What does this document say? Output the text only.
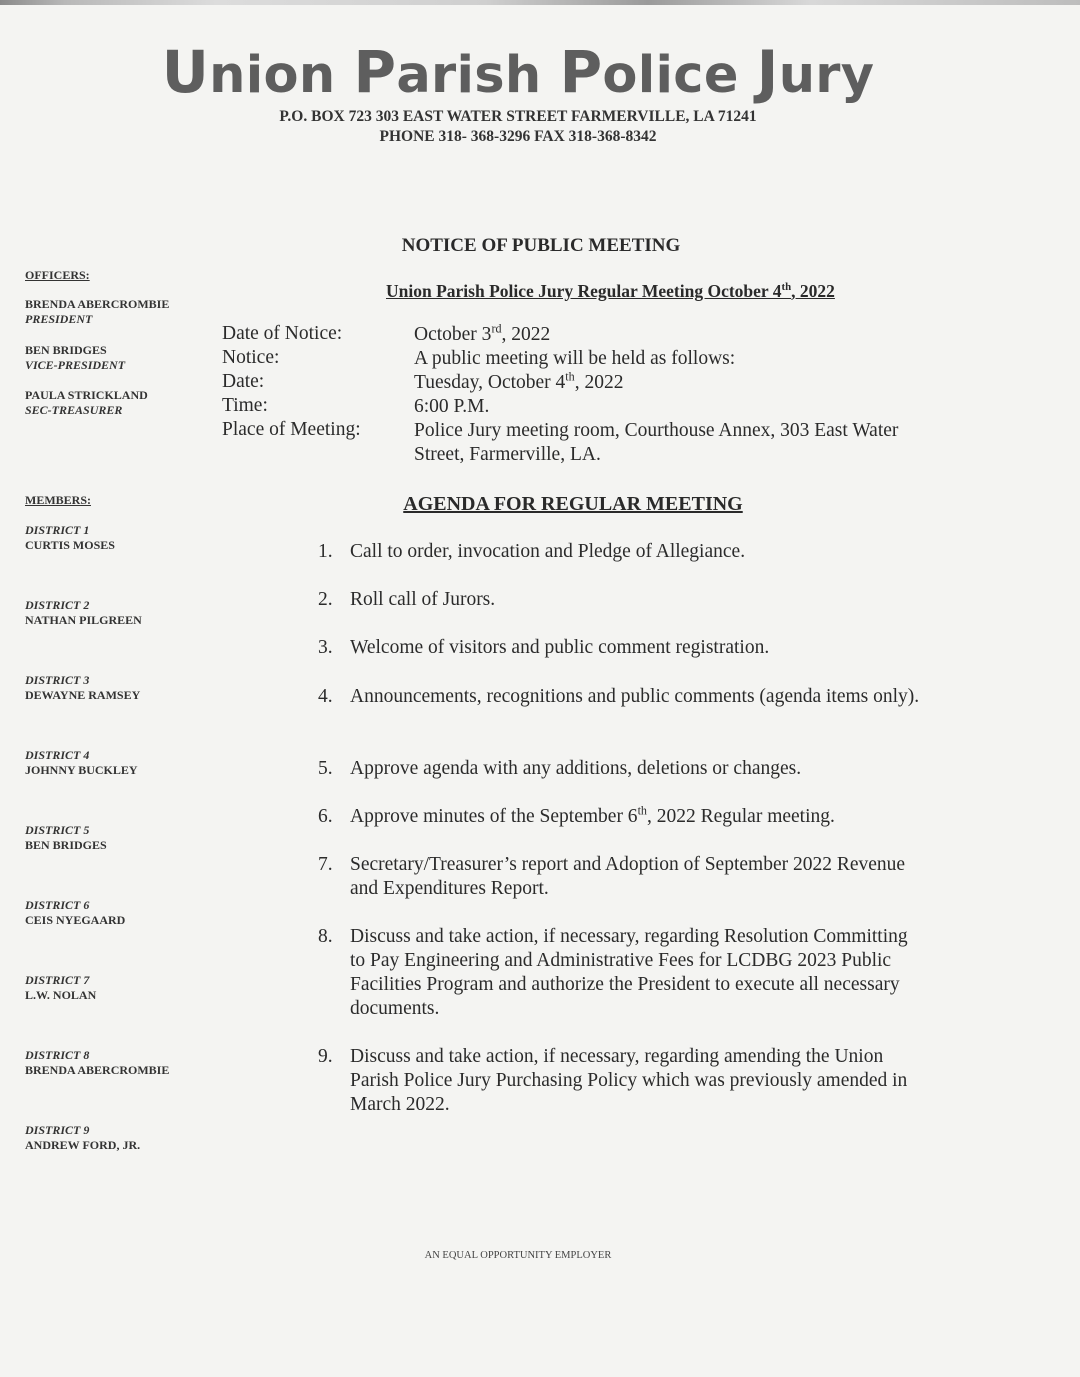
Union Parish Police Jury
P.O. BOX 723 303 EAST WATER STREET FARMERVILLE, LA 71241
PHONE 318- 368-3296 FAX 318-368-8342
NOTICE OF PUBLIC MEETING
Union Parish Police Jury Regular Meeting October 4th, 2022
OFFICERS:
BRENDA ABERCROMBIE
PRESIDENT
BEN BRIDGES
VICE-PRESIDENT
PAULA STRICKLAND
SEC-TREASURER
MEMBERS:
DISTRICT 1
CURTIS MOSES
DISTRICT 2
NATHAN PILGREEN
DISTRICT 3
DEWAYNE RAMSEY
DISTRICT 4
JOHNNY BUCKLEY
DISTRICT 5
BEN BRIDGES
DISTRICT 6
CEIS NYEGAARD
DISTRICT 7
L.W. NOLAN
DISTRICT 8
BRENDA ABERCROMBIE
DISTRICT 9
ANDREW FORD, JR.
Date of Notice:	October 3rd, 2022
Notice:	A public meeting will be held as follows:
Date:	Tuesday, October 4th, 2022
Time:	6:00 P.M.
Place of Meeting:	Police Jury meeting room, Courthouse Annex, 303 East Water Street, Farmerville, LA.
AGENDA FOR REGULAR MEETING
1. Call to order, invocation and Pledge of Allegiance.
2. Roll call of Jurors.
3. Welcome of visitors and public comment registration.
4. Announcements, recognitions and public comments (agenda items only).
5. Approve agenda with any additions, deletions or changes.
6. Approve minutes of the September 6th, 2022 Regular meeting.
7. Secretary/Treasurer’s report and Adoption of September 2022 Revenue and Expenditures Report.
8. Discuss and take action, if necessary, regarding Resolution Committing to Pay Engineering and Administrative Fees for LCDBG 2023 Public Facilities Program and authorize the President to execute all necessary documents.
9. Discuss and take action, if necessary, regarding amending the Union Parish Police Jury Purchasing Policy which was previously amended in March 2022.
AN EQUAL OPPORTUNITY EMPLOYER
